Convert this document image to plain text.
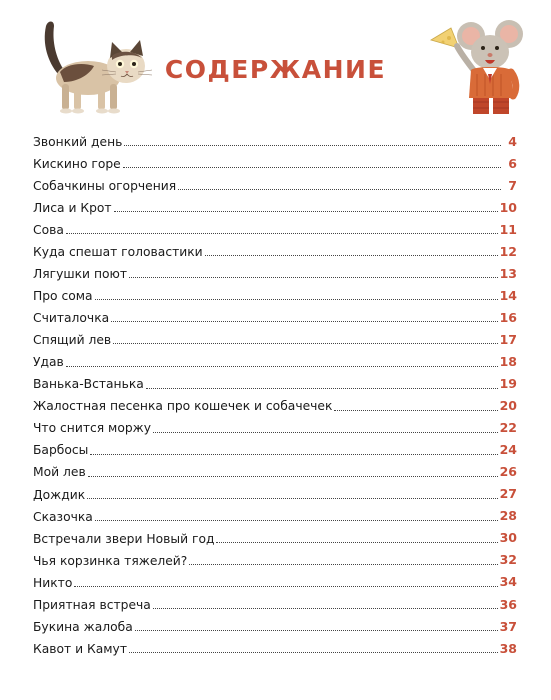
СОДЕРЖАНИЕ
Звонкий день	4
Кискино горе	6
Собачкины огорчения	7
Лиса и Крот	10
Сова	11
Куда спешат головастики	12
Лягушки поют	13
Про сома	14
Считалочка	16
Спящий лев	17
Удав	18
Ванька-Встанька	19
Жалостная песенка про кошечек и собачечек	20
Что снится моржу	22
Барбосы	24
Мой лев	26
Дождик	27
Сказочка	28
Встречали звери Новый год	30
Чья корзинка тяжелей?	32
Никто	34
Приятная встреча	36
Букина жалоба	37
Кавот и Камут	38
